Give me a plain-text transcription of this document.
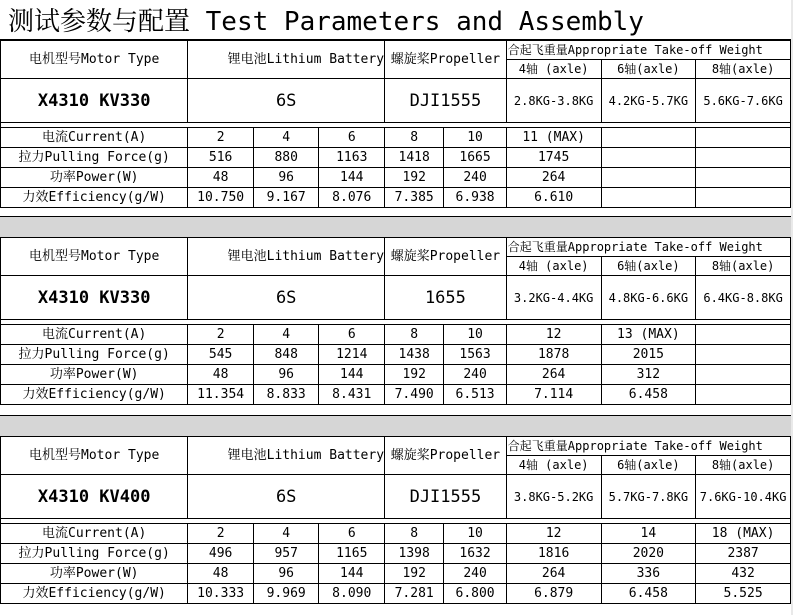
测试参数与配置 Test Parameters and Assembly
电机型号Motor Type	锂电池Lithium Battery			螺旋桨Propeller		合起飞重量Appropriate Take-off Weight		
						4轴 (axle)	6轴(axle)	8轴(axle)
X4310 KV330	6S			DJI1555		2.8KG-3.8KG	4.2KG-5.7KG	5.6KG-7.6KG

电流Current(A)	2	4	6	8	10	11 (MAX)		
拉力Pulling Force(g)	516	880	1163	1418	1665	1745		
功率Power(W)	48	96	144	192	240	264		
力效Efficiency(g/W)	10.750	9.167	8.076	7.385	6.938	6.610		
电机型号Motor Type	锂电池Lithium Battery			螺旋桨Propeller		合起飞重量Appropriate Take-off Weight		
						4轴 (axle)	6轴(axle)	8轴(axle)
X4310 KV330	6S			1655		3.2KG-4.4KG	4.8KG-6.6KG	6.4KG-8.8KG

电流Current(A)	2	4	6	8	10	12	13 (MAX)	
拉力Pulling Force(g)	545	848	1214	1438	1563	1878	2015	
功率Power(W)	48	96	144	192	240	264	312	
力效Efficiency(g/W)	11.354	8.833	8.431	7.490	6.513	7.114	6.458	
电机型号Motor Type	锂电池Lithium Battery			螺旋桨Propeller		合起飞重量Appropriate Take-off Weight		
						4轴 (axle)	6轴(axle)	8轴(axle)
X4310 KV400	6S			DJI1555		3.8KG-5.2KG	5.7KG-7.8KG	7.6KG-10.4KG

电流Current(A)	2	4	6	8	10	12	14	18 (MAX)
拉力Pulling Force(g)	496	957	1165	1398	1632	1816	2020	2387
功率Power(W)	48	96	144	192	240	264	336	432
力效Efficiency(g/W)	10.333	9.969	8.090	7.281	6.800	6.879	6.458	5.525
